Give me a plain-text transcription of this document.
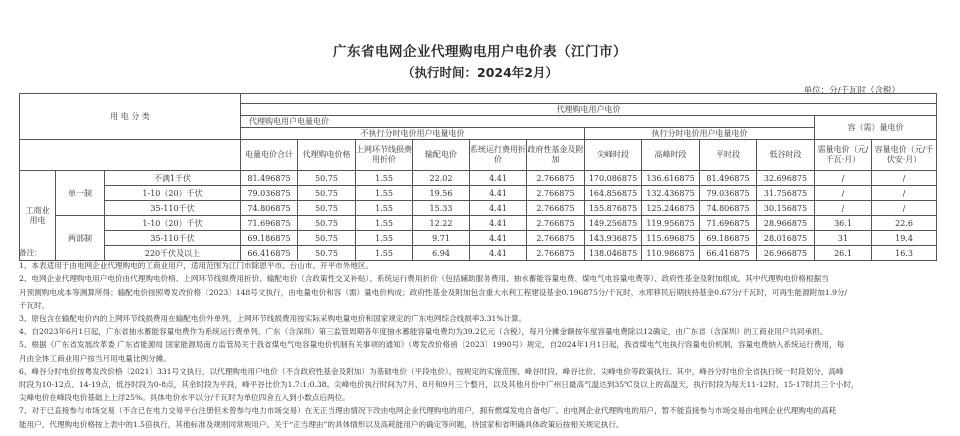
广东省电网企业代理购电用户电价表（江门市）
（执行时间：2024年2月）
单位：分/千瓦时（含税）
用 电 分 类														
			代理购电用户电价											
			代理购电用户电量电价										容（需）量电价	
			不执行分时电价用户电量电价						执行分时电价用户电量电价					
			电量电价合计	代理购电价格	上网环节线损费用折价	输配电价	系统运行费用折价	政府性基金及附加	尖峰时段	高峰时段	平时段	低谷时段	需量电价（元/千瓦·月）	容量电价（元/千伏安·月）
工商业用电	单一制	不满1千伏	81.496875	50.75	1.55	22.02	4.41	2.766875	170.086875	136.616875	81.496875	32.696875	/	/
		1-10（20）千伏	79.036875	50.75	1.55	19.56	4.41	2.766875	164.856875	132.436875	79.036875	31.756875	/	/
		35-110千伏	74.806875	50.75	1.55	15.33	4.41	2.766875	155.876875	125.246875	74.806875	30.156875	/	/
	两部制	1-10（20）千伏	71.696875	50.75	1.55	12.22	4.41	2.766875	149.256875	119.956875	71.696875	28.966875	36.1	22.6
		35-110千伏	69.186875	50.75	1.55	9.71	4.41	2.766875	143.936875	115.696875	69.186875	28.016875	31	19.4
		220千伏及以上	66.416875	50.75	1.55	6.94	4.41	2.766875	138.046875	110.986875	66.416875	26.966875	26.1	16.3

备注：

1、本表适用于由电网企业代理购电的工商业用户，适用范围为江门市除恩平市、台山市、开平市外地区。

2、电网企业代理购电用户电价由代理购电价格、上网环节线损费用折价、输配电价（含政策性交叉补贴）、系统运行费用折价（包括辅助服务费用、抽水蓄能容量电费、煤电气电容量电费等）、政府性基金及附加组成。其中代理购电价格根据当

月预测购电成本等测算所得；输配电价按照粤发改价格〔2023〕148号文执行，由电量电价和容（需）量电价构成；政府性基金及附加包含重大水利工程建设基金0.196875分/千瓦时，水库移民后期扶持基金0.67分/千瓦时，可再生能源附加1.9分/

千瓦时。

3、原包含在输配电价内的上网环节线损费用在输配电价外单列，上网环节线损费用按实际采购电量电价和国家规定的广东电网综合线损率3.31%计算。

4、自2023年6月1日起，广东省抽水蓄能容量电费作为系统运行费单列。广东（含深圳）第三监管周期各年度抽水蓄能容量电费均为39.2亿元（含税），每月分摊金额按年度容量电费除以12确定，由广东省（含深圳）的工商业用户共同承担。

5、根据《广东省发展改革委 广东省能源局 国家能源局南方监管局关于我省煤电气电容量电价机制有关事项的通知》（粤发改价格函〔2023〕1990号）规定，自2024年1月1日起，我省煤电气电执行容量电价机制，容量电费纳入系统运行费用，每

月由全体工商业用户按当月用电量比例分摊。

6、峰谷分时电价按粤发改价格〔2021〕331号文执行，以代理购电用户电价（不含政府性基金及附加）为基础电价（平段电价），按规定的实施范围、峰谷时段、峰谷比价、尖峰电价等政策执行。其中，峰谷分时电价全省执行统一时段划分，高峰

时段为10-12点、14-19点，低谷时段为0-8点，其余时段为平段，峰平谷比价为1.7:1:0.38。尖峰电价执行时间为7月、8月和9月三个整月，以及其他月份中广州日最高气温达到35℃及以上的高温天，执行时段为每天11-12时、15-17时共三个小时，

尖峰电价在峰段电价基础上上浮25%。具体电价水平以分/千瓦时为单位四舍五入到小数点后两位。

7、对于已直接参与市场交易（不含已在电力交易平台注册但未曾参与电力市场交易）在无正当理由情况下改由电网企业代理购电的用户，拥有燃煤发电自备电厂、由电网企业代理购电的用户，暂不能直接参与市场交易由电网企业代理购电的高耗

能用户，代理购电价格按上表中的1.5倍执行，其他标准及规则同常规用户。关于“正当理由”的具体情形以及高耗能用户的确定等问题，待国家和省明确具体政策后按相关规定执行。
